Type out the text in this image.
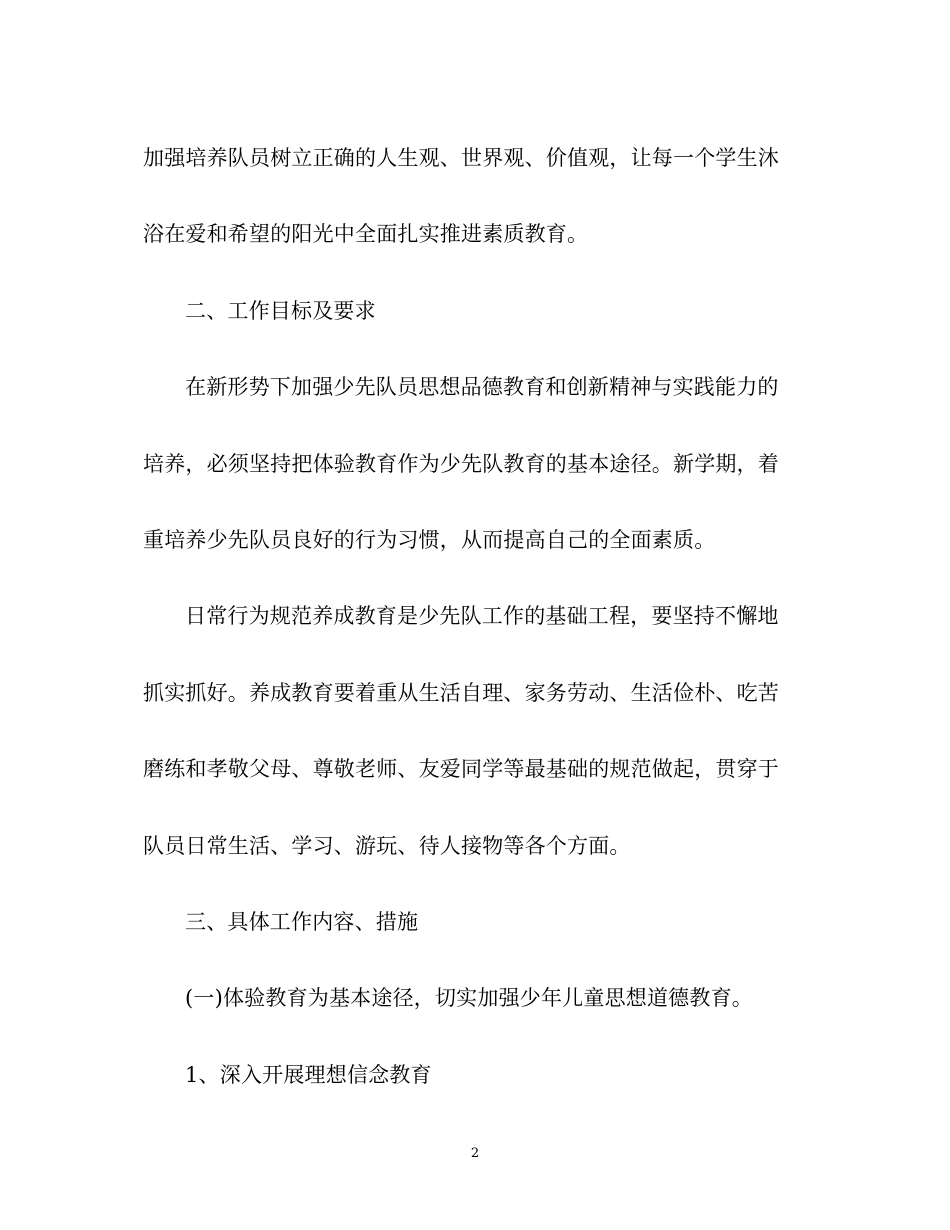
加强培养队员树立正确的人生观、世界观、价值观，让每一个学生沐
浴在爱和希望的阳光中全面扎实推进素质教育。
二、工作目标及要求
在新形势下加强少先队员思想品德教育和创新精神与实践能力的
培养，必须坚持把体验教育作为少先队教育的基本途径。新学期，着
重培养少先队员良好的行为习惯，从而提高自己的全面素质。
日常行为规范养成教育是少先队工作的基础工程，要坚持不懈地
抓实抓好。养成教育要着重从生活自理、家务劳动、生活俭朴、吃苦
磨练和孝敬父母、尊敬老师、友爱同学等最基础的规范做起，贯穿于
队员日常生活、学习、游玩、待人接物等各个方面。
三、具体工作内容、措施
(一)体验教育为基本途径，切实加强少年儿童思想道德教育。
1、深入开展理想信念教育
2
